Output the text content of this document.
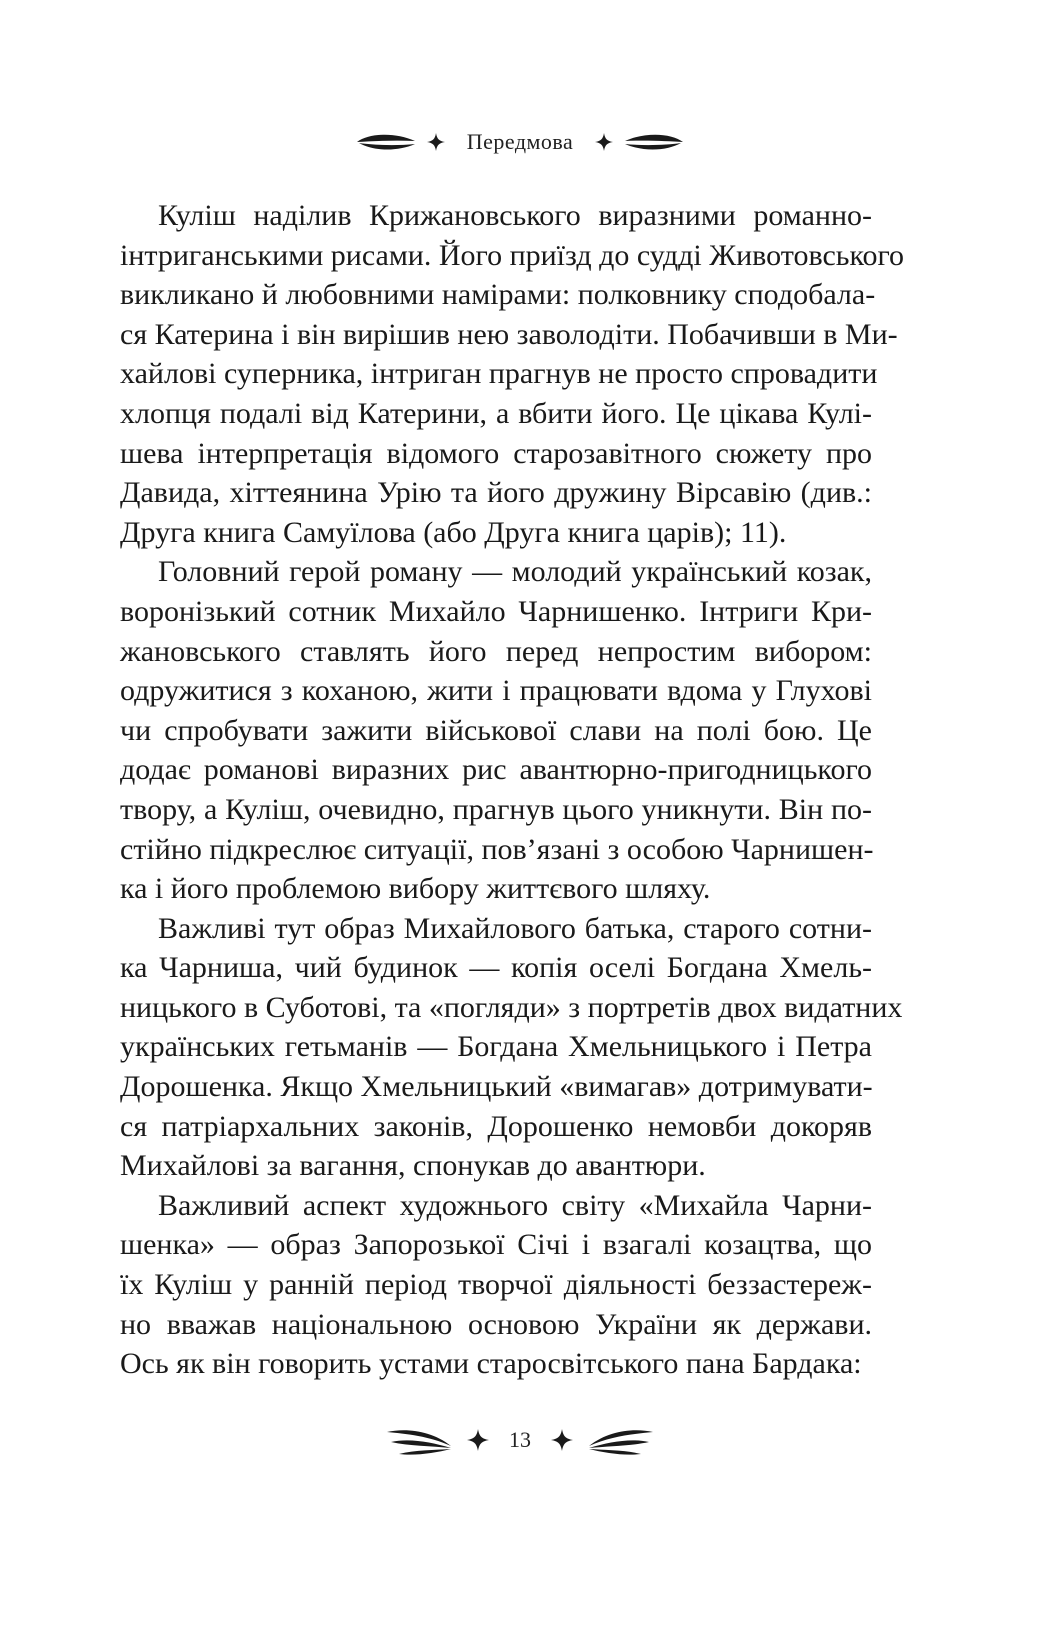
Передмова
Куліш наділив Крижановського виразними романно-
інтриганськими рисами. Його приїзд до судді Животовського
викликано й любовними намірами: полковнику сподобала-
ся Катерина і він вирішив нею заволодіти. Побачивши в Ми-
хайлові суперника, інтриган прагнув не просто спровадити
хлопця подалі від Катерини, а вбити його. Це цікава Кулі-
шева інтерпретація відомого старозавітного сюжету про
Давида, хіттеянина Урію та його дружину Вірсавію (див.:
Друга книга Самуїлова (або Друга книга царів); 11).
Головний герой роману — молодий український козак,
воронізький сотник Михайло Чарнишенко. Інтриги Кри-
жановського ставлять його перед непростим вибором:
одружитися з коханою, жити і працювати вдома у Глухові
чи спробувати зажити військової слави на полі бою. Це
додає романові виразних рис авантюрно-пригодницького
твору, а Куліш, очевидно, прагнув цього уникнути. Він по-
стійно підкреслює ситуації, пов’язані з особою Чарнишен-
ка і його проблемою вибору життєвого шляху.
Важливі тут образ Михайлового батька, старого сотни-
ка Чарниша, чий будинок — копія оселі Богдана Хмель-
ницького в Суботові, та «погляди» з портретів двох видатних
українських гетьманів — Богдана Хмельницького і Петра
Дорошенка. Якщо Хмельницький «вимагав» дотримувати-
ся патріархальних законів, Дорошенко немовби докоряв
Михайлові за вагання, спонукав до авантюри.
Важливий аспект художнього світу «Михайла Чарни-
шенка» — образ Запорозької Січі і взагалі козацтва, що
їх Куліш у ранній період творчої діяльності беззастереж-
но вважав національною основою України як держави.
Ось як він говорить устами старосвітського пана Бардака:
13
